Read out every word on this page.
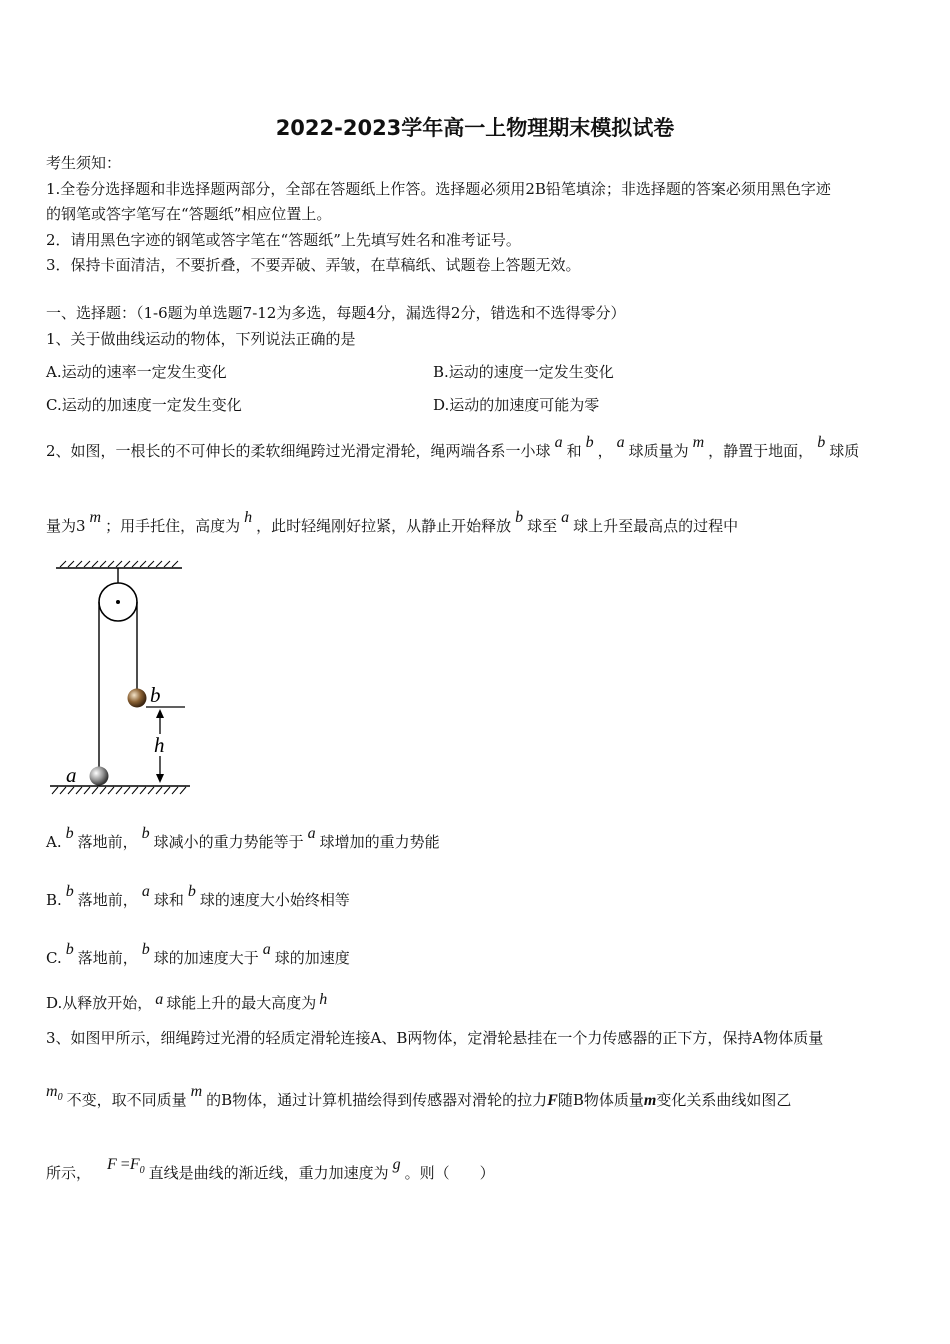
2022-2023学年高一上物理期末模拟试卷
考生须知：
1.全卷分选择题和非选择题两部分，全部在答题纸上作答。选择题必须用2B铅笔填涂；非选择题的答案必须用黑色字迹
的钢笔或答字笔写在“答题纸”相应位置上。
2．请用黑色字迹的钢笔或答字笔在“答题纸”上先填写姓名和准考证号。
3．保持卡面清洁，不要折叠，不要弄破、弄皱，在草稿纸、试题卷上答题无效。
一、选择题：（1-6题为单选题7-12为多选，每题4分，漏选得2分，错选和不选得零分）
1、关于做曲线运动的物体，下列说法正确的是
A.运动的速率一定发生变化	B.运动的速度一定发生变化
C.运动的加速度一定发生变化	D.运动的加速度可能为零
2、如图，一根长的不可伸长的柔软细绳跨过光滑定滑轮，绳两端各系一小球 a 和 b ， a 球质量为 m ，静置于地面， b 球质
量为3 m ；用手托住，高度为 h ，此时轻绳刚好拉紧，从静止开始释放 b 球至 a 球上升至最高点的过程中
b
a
h
A. b 落地前， b 球减小的重力势能等于 a 球增加的重力势能
B. b 落地前， a 球和 b 球的速度大小始终相等
C. b 落地前， b 球的加速度大于 a 球的加速度
D.从释放开始， a 球能上升的最大高度为 h
3、如图甲所示，细绳跨过光滑的轻质定滑轮连接A、B两物体，定滑轮悬挂在一个力传感器的正下方，保持A物体质量
$m_0$ 不变，取不同质量 m 的B物体，通过计算机描绘得到传感器对滑轮的拉力F随B物体质量m变化关系曲线如图乙
所示， $F =F_0$ 直线是曲线的渐近线，重力加速度为 g 。则（　　）
